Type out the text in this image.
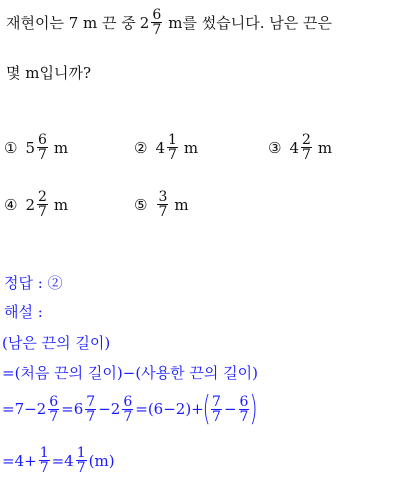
재현이는 7 m 끈 중 $2 \frac{6}{7}$ m를 썼습니다. 남은 끈은
몇 m입니까?
① $5 \frac{6}{7}$ m	② $4 \frac{1}{7}$ m	③ $4 \frac{2}{7}$ m
④ $2 \frac{2}{7}$ m	⑤ $\frac{3}{7}$ m
정답 : ②
해설 :
(남은 끈의 길이)
=(처음 끈의 길이)−(사용한 끈의 길이)
$=7-2 \frac{6}{7} =6 \frac{7}{7} -2 \frac{6}{7} =(6-2)+$
( $\frac{7}{7} - \frac{6}{7}$ )
$=4+ \frac{1}{7} =4 \frac{1}{7} (m)$
